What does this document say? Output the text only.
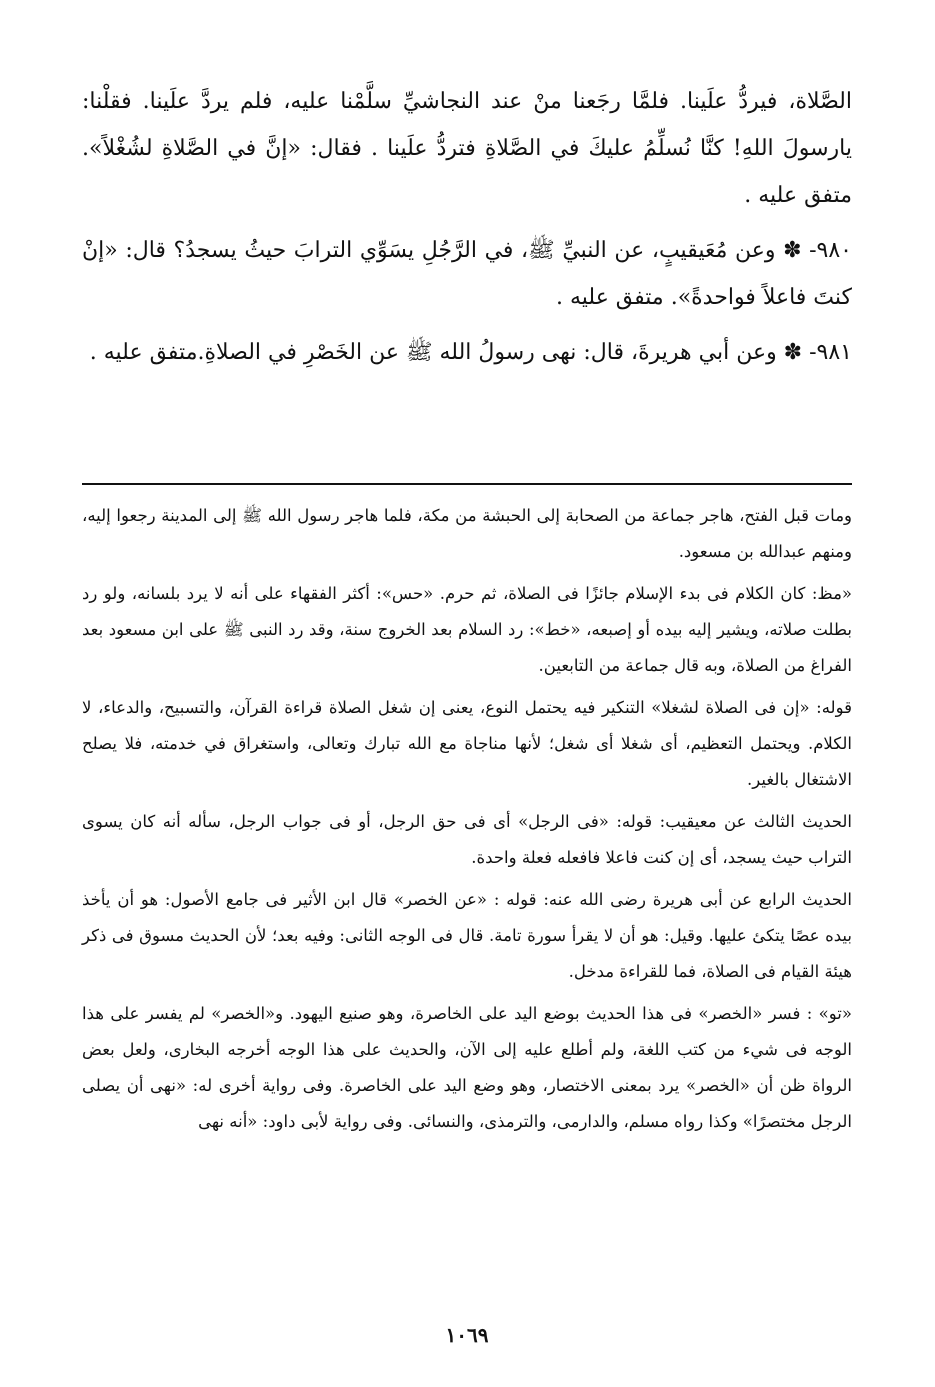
الصَّلاة، فيردُّ علَينا. فلمَّا رجَعنا منْ عند النجاشيِّ سلَّمْنا عليه، فلم يردَّ علَينا. فقلْنا: يارسولَ اللهِ! كنَّا نُسلِّمُ عليكَ في الصَّلاةِ فتردُّ علَينا . فقال: «إنَّ في الصَّلاةِ لشُغْلاً». متفق عليه .

٩٨٠- ✽ وعن مُعَيقيبٍ، عن النبيِّ ﷺ، في الرَّجُلِ يسَوِّي الترابَ حيثُ يسجدُ؟ قال: «إنْ كنتَ فاعلاً فواحدةً». متفق عليه .

٩٨١- ✽ وعن أبي هريرةَ، قال: نهى رسولُ الله ﷺ عن الخَصْرِ في الصلاةِ.متفق عليه .

ومات قبل الفتح، هاجر جماعة من الصحابة إلى الحبشة من مكة، فلما هاجر رسول الله ﷺ إلى المدينة رجعوا إليه، ومنهم عبدالله بن مسعود.

«مظ: كان الكلام فى بدء الإسلام جائزًا فى الصلاة، ثم حرم. «حس»: أكثر الفقهاء على أنه لا يرد بلسانه، ولو رد بطلت صلاته، ويشير إليه بيده أو إصبعه، «خط»: رد السلام بعد الخروج سنة، وقد رد النبى ﷺ على ابن مسعود بعد الفراغ من الصلاة، وبه قال جماعة من التابعين.

قوله: «إن فى الصلاة لشغلا» التنكير فيه يحتمل النوع، يعنى إن شغل الصلاة قراءة القرآن، والتسبيح، والدعاء، لا الكلام. ويحتمل التعظيم، أى شغلا أى شغل؛ لأنها مناجاة مع الله تبارك وتعالى، واستغراق في خدمته، فلا يصلح الاشتغال بالغير.

الحديث الثالث عن معيقيب: قوله: «فى الرجل» أى فى حق الرجل، أو فى جواب الرجل، سأله أنه كان يسوى التراب حيث يسجد، أى إن كنت فاعلا فافعله فعلة واحدة.

الحديث الرابع عن أبى هريرة رضى الله عنه: قوله : «عن الخصر» قال ابن الأثير فى جامع الأصول: هو أن يأخذ بيده عصًا يتكئ عليها. وقيل: هو أن لا يقرأ سورة تامة. قال فى الوجه الثانى: وفيه بعد؛ لأن الحديث مسوق فى ذكر هيئة القيام فى الصلاة، فما للقراءة مدخل.

«تو» : فسر «الخصر» فى هذا الحديث بوضع اليد على الخاصرة، وهو صنيع اليهود. و«الخصر» لم يفسر على هذا الوجه فى شيء من كتب اللغة، ولم أطلع عليه إلى الآن، والحديث على هذا الوجه أخرجه البخارى، ولعل بعض الرواة ظن أن «الخصر» يرد بمعنى الاختصار، وهو وضع اليد على الخاصرة. وفى رواية أخرى له: «نهى أن يصلى الرجل مختصرًا» وكذا رواه مسلم، والدارمى، والترمذى، والنسائى. وفى رواية لأبى داود: «أنه نهى

١٠٦٩
